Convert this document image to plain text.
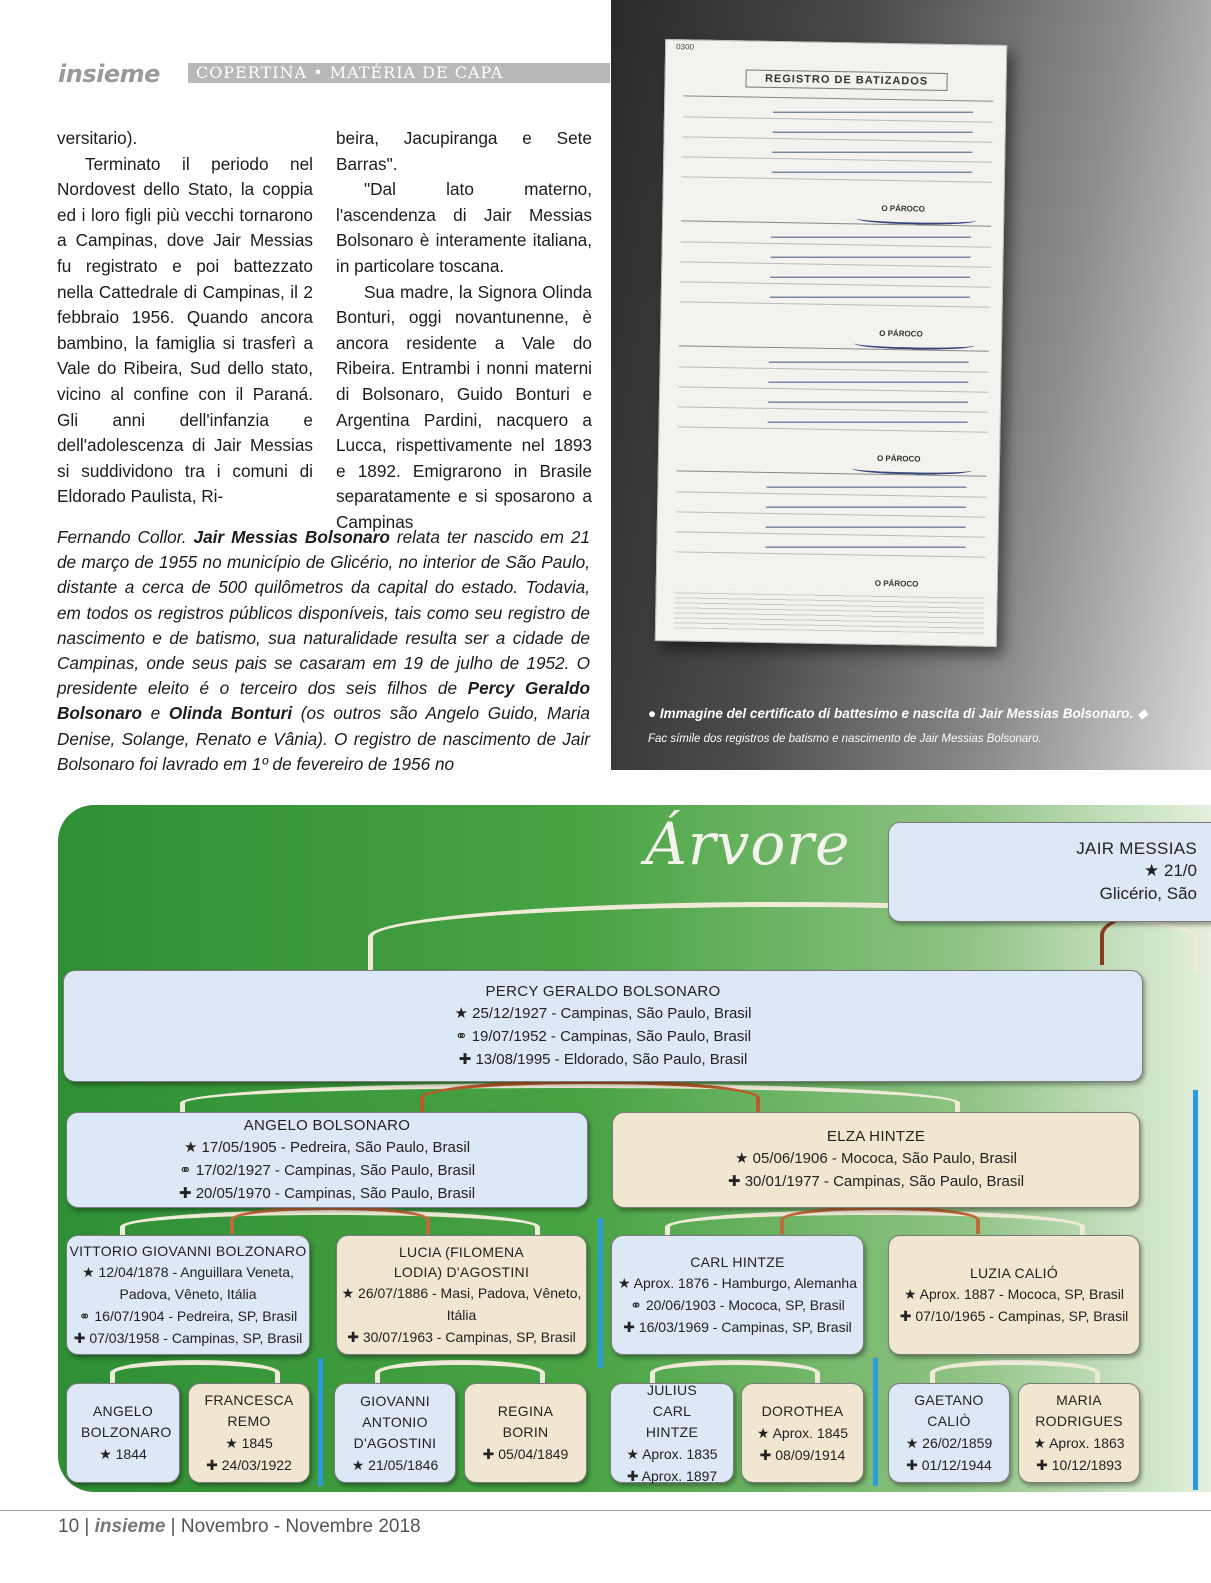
insieme	COPERTINA • MATÉRIA DE CAPA

versitario).

Terminato il periodo nel Nordovest dello Stato, la coppia ed i loro figli più vecchi tornarono a Campinas, dove Jair Messias fu registrato e poi battezzato nella Cattedrale di Campinas, il 2 febbraio 1956. Quando ancora bambino, la famiglia si trasferì a Vale do Ribeira, Sud dello stato, vicino al confine con il Paraná. Gli anni dell'infanzia e dell'adolescenza di Jair Messias si suddividono tra i comuni di Eldorado Paulista, Ri-

beira, Jacupiranga e Sete Barras".

"Dal lato materno, l'ascendenza di Jair Messias Bolsonaro è interamente italiana, in particolare toscana.

Sua madre, la Signora Olinda Bonturi, oggi novantunenne, è ancora residente a Vale do Ribeira. Entrambi i nonni materni di Bolsonaro, Guido Bonturi e Argentina Pardini, nacquero a Lucca, rispettivamente nel 1893 e 1892. Emigrarono in Brasile separatamente e si sposarono a Campinas

Fernando Collor. Jair Messias Bolsonaro relata ter nascido em 21 de março de 1955 no município de Glicério, no interior de São Paulo, distante a cerca de 500 quilômetros da capital do estado. Todavia, em todos os registros públicos disponíveis, tais como seu registro de nascimento e de batismo, sua naturalidade resulta ser a cidade de Campinas, onde seus pais se casaram em 19 de julho de 1952. O presidente eleito é o terceiro dos seis filhos de Percy Geraldo Bolsonaro e Olinda Bonturi (os outros são Angelo Guido, Maria Denise, Solange, Renato e Vânia). O registro de nascimento de Jair Bolsonaro foi lavrado em 1º de fevereiro de 1956 no
0300
REGISTRO DE BATIZADOS
O PÁROCO
O PÁROCO
O PÁROCO
O PÁROCO
● Immagine del certificato di battesimo e nascita di Jair Messias Bolsonaro. ◆ Fac símile dos registros de batismo e nascimento de Jair Messias Bolsonaro.
Árvore	JAIR MESSIAS
★ 21/0
Glicério, São
PERCY GERALDO BOLSONARO
★ 25/12/1927 - Campinas, São Paulo, Brasil
⚭ 19/07/1952 - Campinas, São Paulo, Brasil
✚ 13/08/1995 - Eldorado, São Paulo, Brasil
ANGELO BOLSONARO
★ 17/05/1905 - Pedreira, São Paulo, Brasil
⚭ 17/02/1927 - Campinas, São Paulo, Brasil
✚ 20/05/1970 - Campinas, São Paulo, Brasil
ELZA HINTZE
★ 05/06/1906 - Mococa, São Paulo, Brasil
✚ 30/01/1977 - Campinas, São Paulo, Brasil
VITTORIO GIOVANNI BOLZONARO
★ 12/04/1878 - Anguillara Veneta,
Padova, Vêneto, Itália
⚭ 16/07/1904 - Pedreira, SP, Brasil
✚ 07/03/1958 - Campinas, SP, Brasil
LUCIA (FILOMENA LODIA) D'AGOSTINI
★ 26/07/1886 - Masi, Padova, Vêneto,
Itália
✚ 30/07/1963 - Campinas, SP, Brasil
CARL HINTZE
★ Aprox. 1876 - Hamburgo, Alemanha
⚭ 20/06/1903 - Mococa, SP, Brasil
✚ 16/03/1969 - Campinas, SP, Brasil
LUZIA CALIÓ
★ Aprox. 1887 - Mococa, SP, Brasil
✚ 07/10/1965 - Campinas, SP, Brasil
ANGELO BOLZONARO
★ 1844
FRANCESCA REMO
★ 1845
✚ 24/03/1922
GIOVANNI ANTONIO D'AGOSTINI
★ 21/05/1846
REGINA BORIN
✚ 05/04/1849
JULIUS CARL HINTZE
★ Aprox. 1835
✚ Aprox. 1897
DOROTHEA
★ Aprox. 1845
✚ 08/09/1914
GAETANO CALIÒ
★ 26/02/1859
✚ 01/12/1944
MARIA RODRIGUES
★ Aprox. 1863
✚ 10/12/1893
10 | insieme | Novembro - Novembre 2018
